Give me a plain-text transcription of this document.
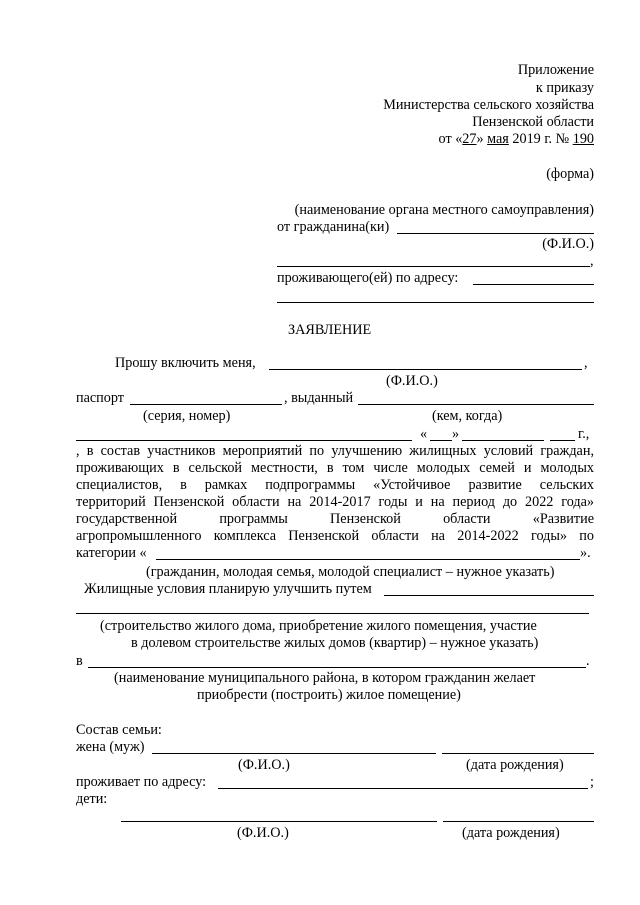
Приложение
к приказу
Министерства сельского хозяйства
Пензенской области
от «27» мая 2019 г. № 190
(форма)
(наименование органа местного самоуправления)
от гражданина(ки)
(Ф.И.О.)
,
проживающего(ей) по адресу:
ЗАЯВЛЕНИЕ
Прошу включить меня,	,
(Ф.И.О.)
паспорт	, выданный
(серия, номер)	(кем, когда)
« »	г.,
, в состав участников мероприятий по улучшению жилищных условий граждан,
проживающих в сельской местности, в том числе молодых семей и молодых
специалистов, в рамках подпрограммы «Устойчивое развитие сельских
территорий Пензенской области на 2014-2017 годы и на период до 2022 года»
государственной программы Пензенской области «Развитие
агропромышленного комплекса Пензенской области на 2014-2022 годы» по
категории «	».
(гражданин, молодая семья, молодой специалист – нужное указать)
Жилищные условия планирую улучшить путем
(строительство жилого дома, приобретение жилого помещения, участие
в долевом строительстве жилых домов (квартир) – нужное указать)
в	.
(наименование муниципального района, в котором гражданин желает
приобрести (построить) жилое помещение)
Состав семьи:
жена (муж)
(Ф.И.О.)	(дата рождения)
проживает по адресу:	;
дети:
(Ф.И.О.)	(дата рождения)
